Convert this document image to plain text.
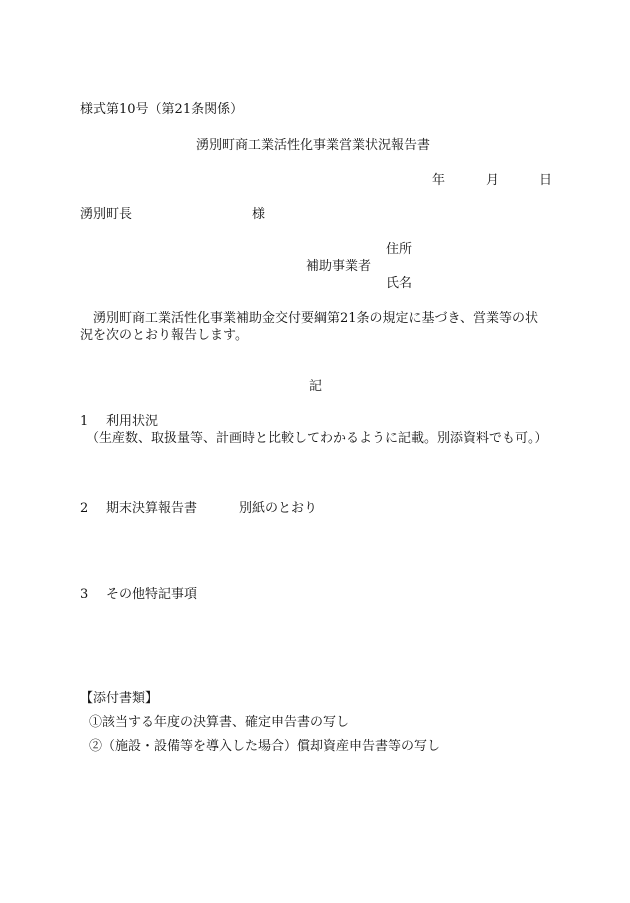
様式第10号（第21条関係）
湧別町商工業活性化事業営業状況報告書
年	月	日
湧別町長	様
住所
補助事業者
氏名
湧別町商工業活性化事業補助金交付要綱第21条の規定に基づき、営業等の状
況を次のとおり報告します。
記
1 利用状況
（生産数、取扱量等、計画時と比較してわかるように記載。別添資料でも可。）
2 期末決算報告書	別紙のとおり
3 その他特記事項
【添付書類】
①該当する年度の決算書、確定申告書の写し
②（施設・設備等を導入した場合）償却資産申告書等の写し
